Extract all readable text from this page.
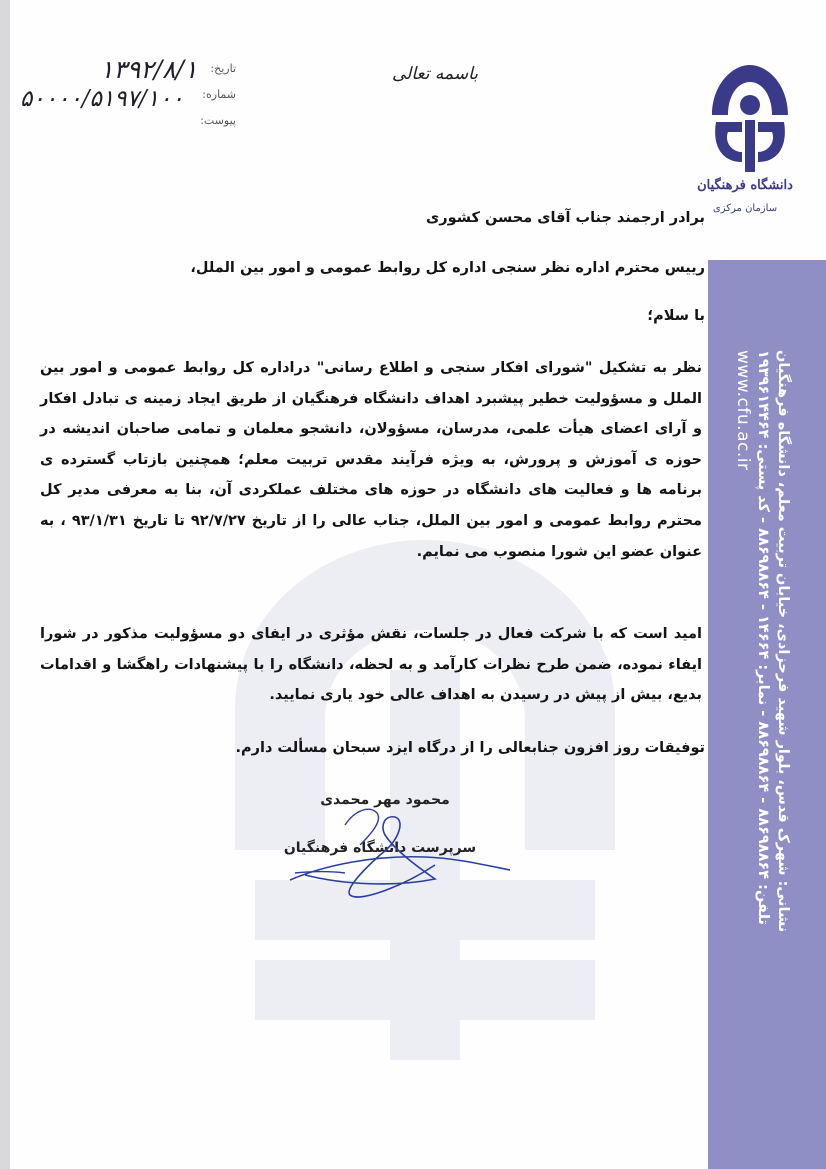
نشانی: شهرک قدس، بلوار شهید فرحزادی، خیابان تربیت معلم، دانشگاه فرهنگیان
تلفن: ۸۸۶۹۸۸۶۴ - ۸۸۶۹۸۸۶۴ - نمابر: ۱۴۶۶۴ - ۸۸۶۹۸۸۶۴ - کد پستی: ۱۹۳۹۶۱۴۴۶۴
www.cfu.ac.ir
دانشگاه فرهنگیان
سازمان مرکزی
باسمه تعالی
تاریخ:
شماره:
پیوست:
۱۳۹۲/۸/۱
۵۰۰۰۰/۵۱۹۷/۱۰۰
برادر ارجمند جناب آقای محسن کشوری
رییس محترم اداره نظر سنجی اداره کل روابط عمومی و امور بین الملل،
با سلام؛
نظر به تشکیل "شورای افکار سنجی و اطلاع رسانی" دراداره کل روابط عمومی و امور بین الملل و مسؤولیت خطیر پیشبرد اهداف دانشگاه فرهنگیان از طریق ایجاد زمینه ی تبادل افکار و آرای اعضای هیأت علمی، مدرسان، مسؤولان، دانشجو معلمان و تمامی صاحبان اندیشه در حوزه ی آموزش و پرورش، به ویژه فرآیند مقدس تربیت معلم؛ همچنین بازتاب گسترده ی برنامه ها و فعالیت های دانشگاه در حوزه های مختلف عملکردی آن، بنا به معرفی مدیر کل محترم روابط عمومی و امور بین الملل، جناب عالی را از تاریخ ۹۲/۷/۲۷ تا تاریخ ۹۳/۱/۳۱ ، به عنوان عضو این شورا منصوب می نمایم.
امید است که با شرکت فعال در جلسات، نقش مؤثری در ایفای دو مسؤولیت مذکور در شورا ایفاء نموده، ضمن طرح نظرات کارآمد و به لحظه، دانشگاه را با پیشنهادات راهگشا و اقدامات بدیع، بیش از پیش در رسیدن به اهداف عالی خود یاری نمایید.
توفیقات روز افزون جنابعالی را از درگاه ایزد سبحان مسألت دارم.
محمود مهر محمدی
سرپرست دانشگاه فرهنگیان
